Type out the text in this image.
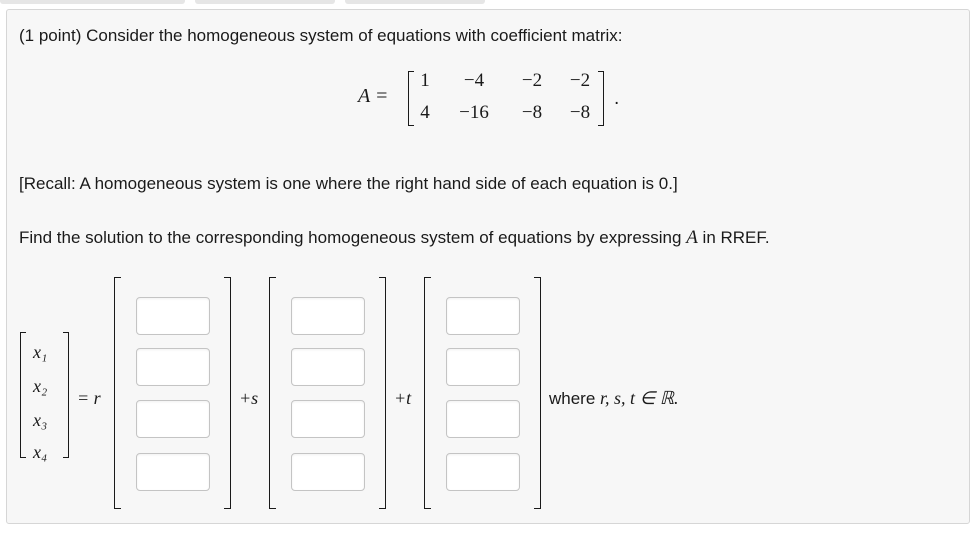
(1 point) Consider the homogeneous system of equations with coefficient matrix:
A =
1	−4	−2	−2
4	−16	−8	−8
.
[Recall: A homogeneous system is one where the right hand side of each equation is 0.]
Find the solution to the corresponding homogeneous system of equations by expressing A in RREF.
x₁
x₂
x₃
x₄
= r	+s	+t	where r, s, t ∈ ℝ.
